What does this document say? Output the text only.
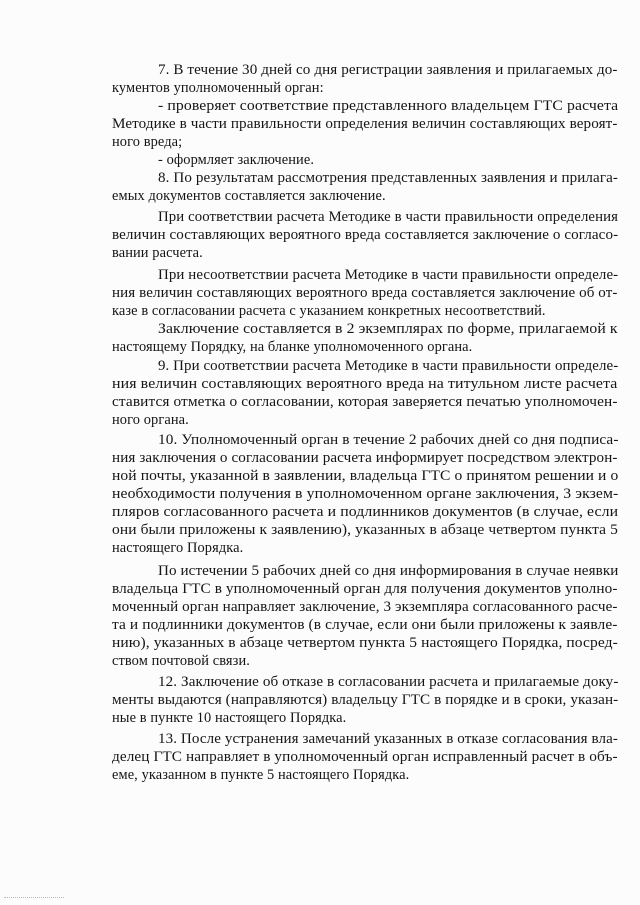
7. В течение 30 дней со дня регистрации заявления и прилагаемых до-
кументов уполномоченный орган:
- проверяет соответствие представленного владельцем ГТС расчета
Методике в части правильности определения величин составляющих вероят-
ного вреда;
- оформляет заключение.
8. По результатам рассмотрения представленных заявления и прилага-
емых документов составляется заключение.
При соответствии расчета Методике в части правильности определения
величин составляющих вероятного вреда составляется заключение о согласо-
вании расчета.
При несоответствии расчета Методике в части правильности определе-
ния величин составляющих вероятного вреда составляется заключение об от-
казе в согласовании расчета с указанием конкретных несоответствий.
Заключение составляется в 2 экземплярах по форме, прилагаемой к
настоящему Порядку, на бланке уполномоченного органа.
9. При соответствии расчета Методике в части правильности определе-
ния величин составляющих вероятного вреда на титульном листе расчета
ставится отметка о согласовании, которая заверяется печатью уполномочен-
ного органа.
10. Уполномоченный орган в течение 2 рабочих дней со дня подписа-
ния заключения о согласовании расчета информирует посредством электрон-
ной почты, указанной в заявлении, владельца ГТС о принятом решении и о
необходимости получения в уполномоченном органе заключения, 3 экзем-
пляров согласованного расчета и подлинников документов (в случае, если
они были приложены к заявлению), указанных в абзаце четвертом пункта 5
настоящего Порядка.
По истечении 5 рабочих дней со дня информирования в случае неявки
владельца ГТС в уполномоченный орган для получения документов уполно-
моченный орган направляет заключение, 3 экземпляра согласованного расче-
та и подлинники документов (в случае, если они были приложены к заявле-
нию), указанных в абзаце четвертом пункта 5 настоящего Порядка, посред-
ством почтовой связи.
12. Заключение об отказе в согласовании расчета и прилагаемые доку-
менты выдаются (направляются) владельцу ГТС в порядке и в сроки, указан-
ные в пункте 10 настоящего Порядка.
13. После устранения замечаний указанных в отказе согласования вла-
делец ГТС направляет в уполномоченный орган исправленный расчет в объ-
еме, указанном в пункте 5 настоящего Порядка.
